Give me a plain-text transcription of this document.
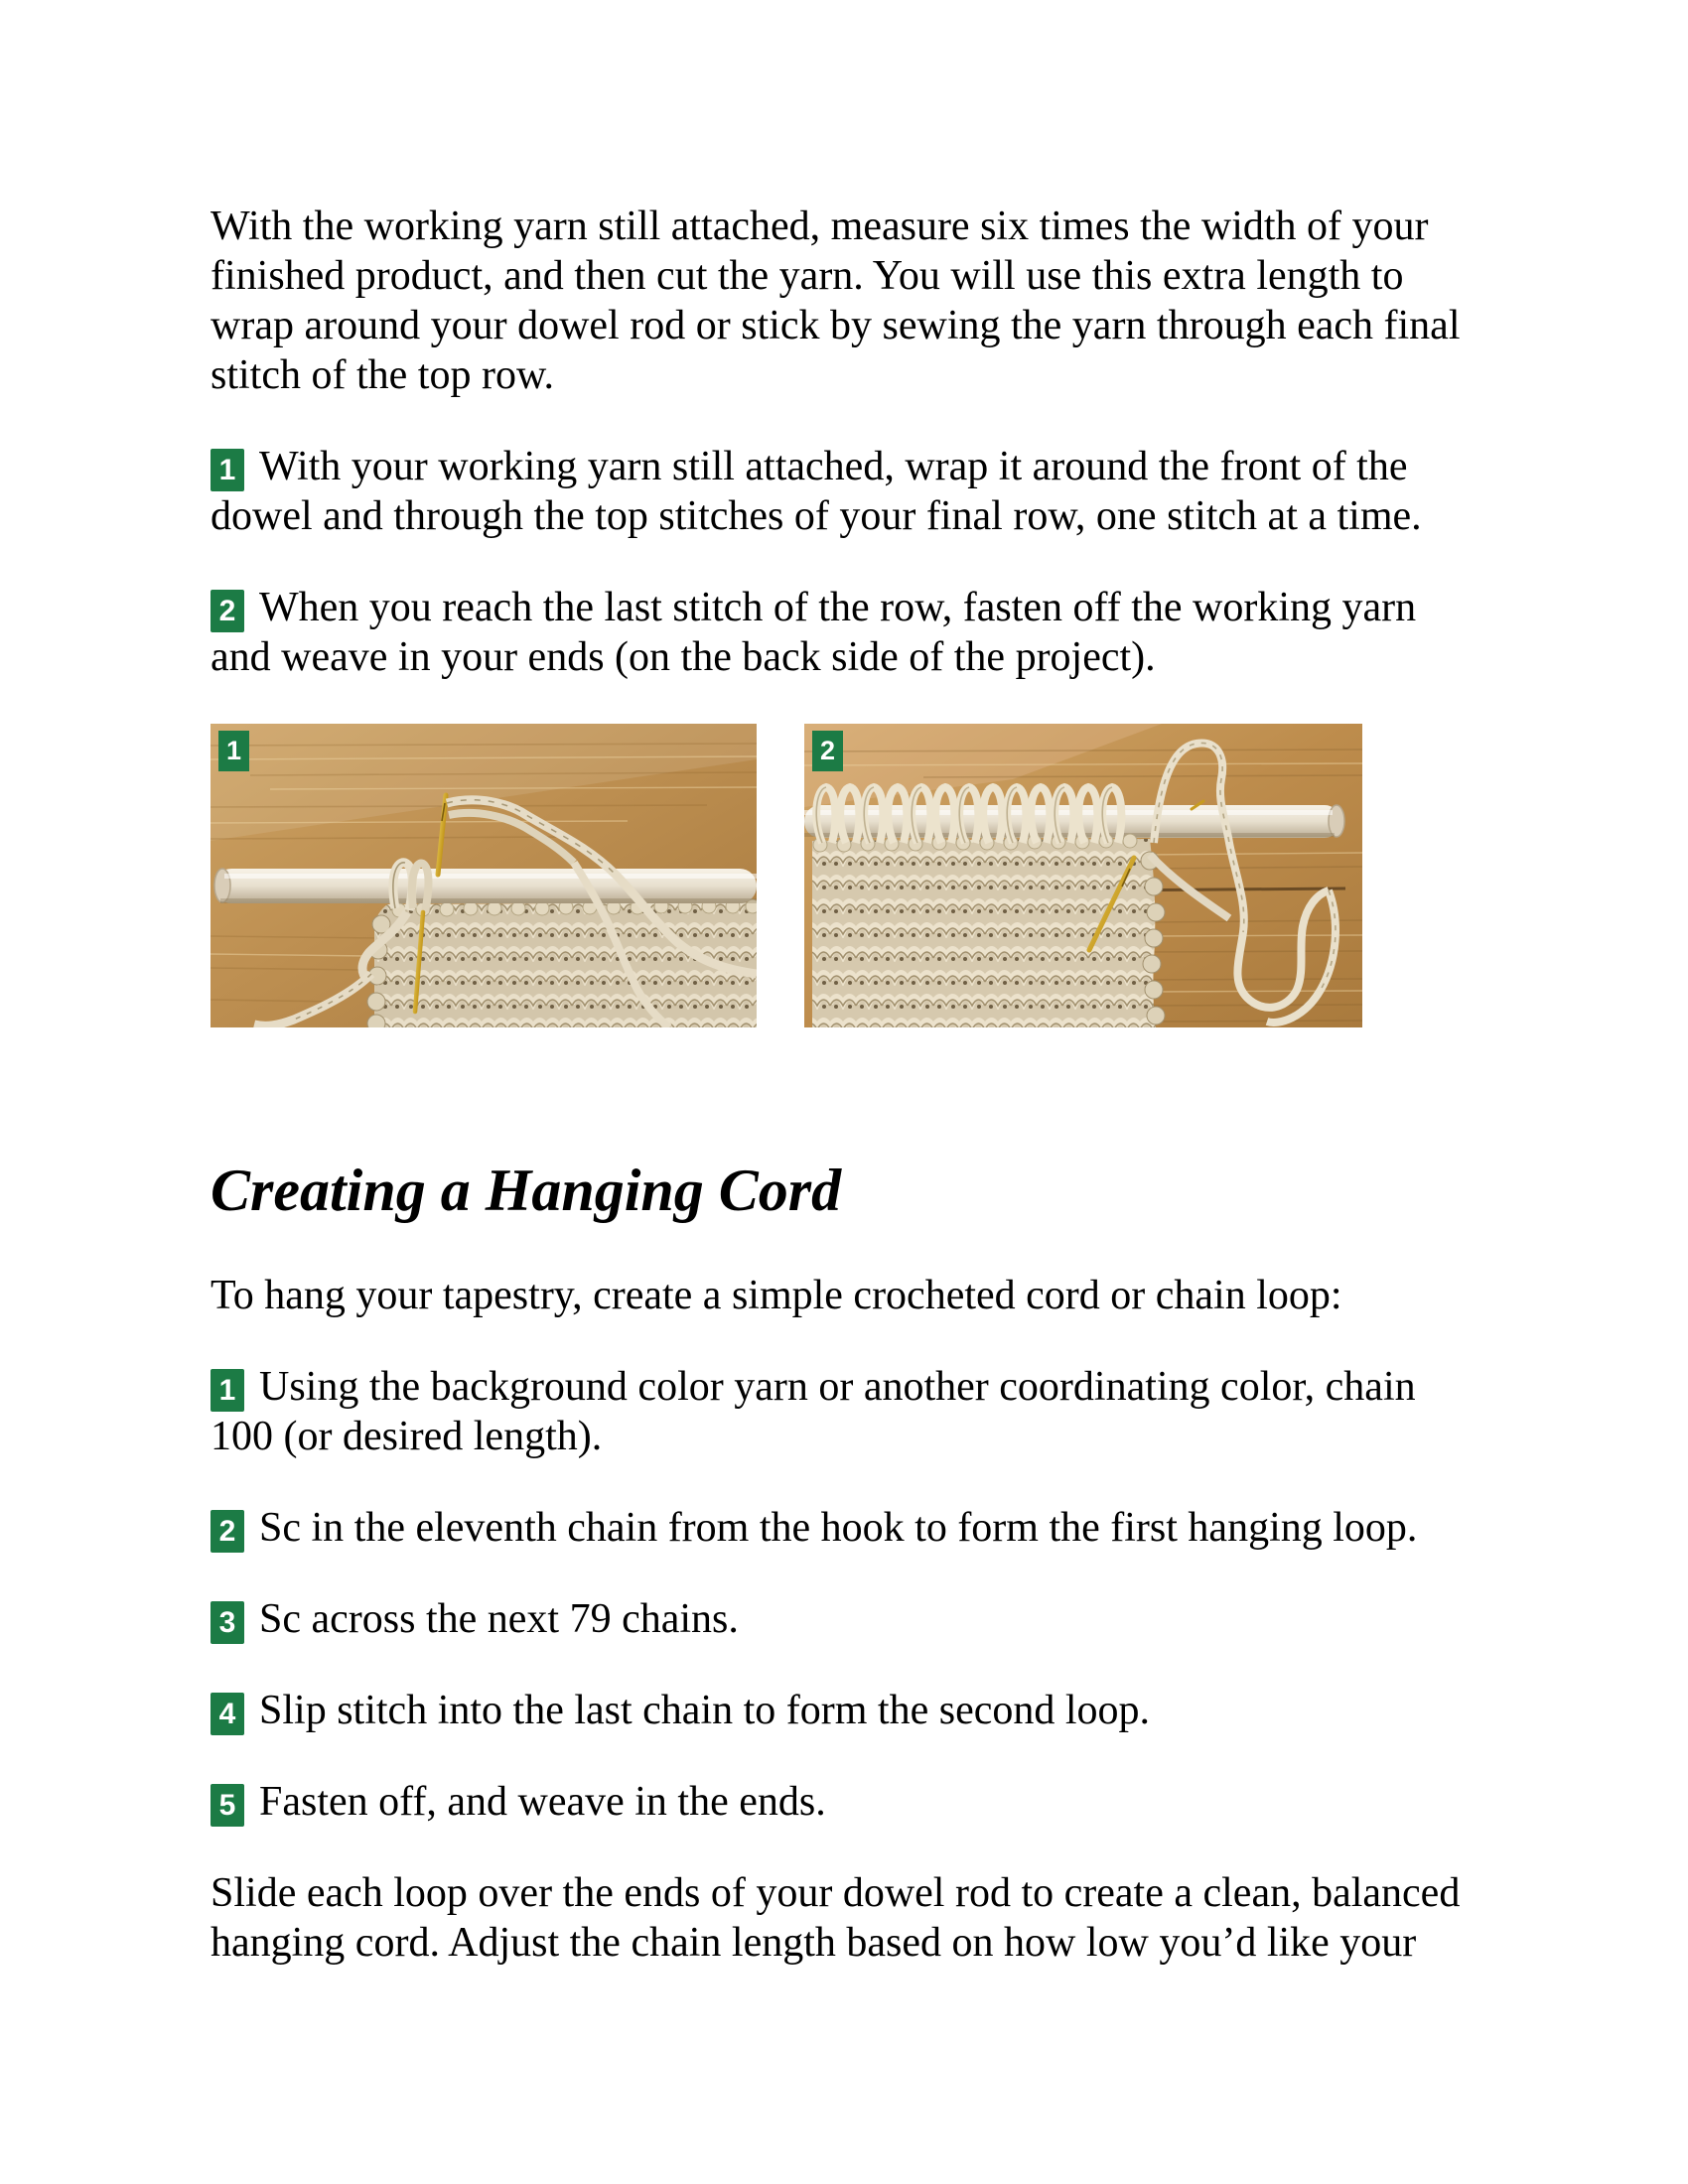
With the working yarn still attached, measure six times the width of your finished product, and then cut the yarn. You will use this extra length to wrap around your dowel rod or stick by sewing the yarn through each final stitch of the top row.

1 With your working yarn still attached, wrap it around the front of the dowel and through the top stitches of your final row, one stitch at a time.

2 When you reach the last stitch of the row, fasten off the working yarn and weave in your ends (on the back side of the project).

1	2
Creating a Hanging Cord

To hang your tapestry, create a simple crocheted cord or chain loop:

1 Using the background color yarn or another coordinating color, chain 100 (or desired length).

2 Sc in the eleventh chain from the hook to form the first hanging loop.

3 Sc across the next 79 chains.

4 Slip stitch into the last chain to form the second loop.

5 Fasten off, and weave in the ends.

Slide each loop over the ends of your dowel rod to create a clean, balanced hanging cord. Adjust the chain length based on how low you’d like your
